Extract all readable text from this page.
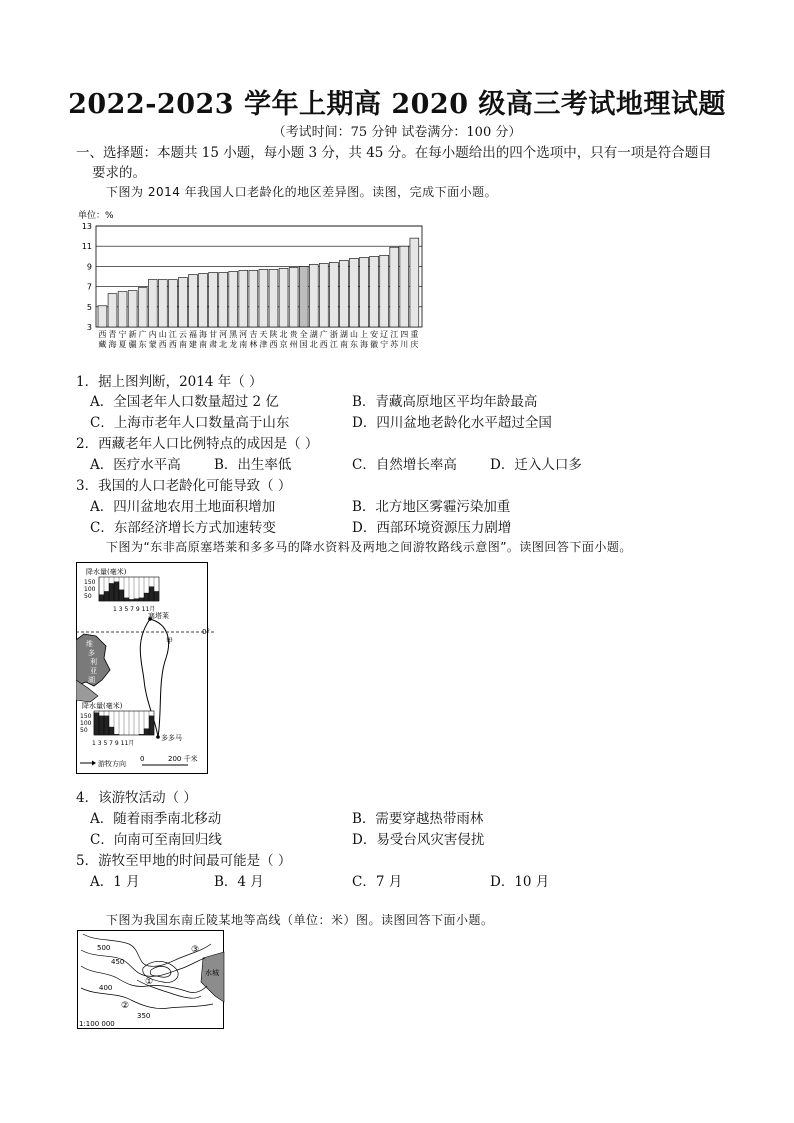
2022-2023 学年上期高 2020 级高三考试地理试题
（考试时间：75 分钟 试卷满分：100 分）
一、选择题：本题共 15 小题，每小题 3 分，共 45 分。在每小题给出的四个选项中，只有一项是符合题目
要求的。
下图为 2014 年我国人口老龄化的地区差异图。读图，完成下面小题。
单位：%
3
5
7
9
11
13
西
藏
青
海
宁
夏
新
疆
广
东
内
蒙
山
西
江
西
云
南
福
建
海
南
甘
肃
河
北
黑
龙
河
南
吉
林
天
津
陕
西
北
京
贵
州
全
国
湖
北
广
西
浙
江
湖
南
山
东
上
海
安
徽
辽
宁
江
苏
四
川
重
庆
1．据上图判断，2014 年（ ）
A．全国老年人口数量超过 2 亿	B．青藏高原地区平均年龄最高
C．上海市老年人口数量高于山东	D．四川盆地老龄化水平超过全国
2．西藏老年人口比例特点的成因是（ ）
A．医疗水平高 B．出生率低	C．自然增长率高 D．迁入人口多
3．我国的人口老龄化可能导致（ ）
A．四川盆地农用土地面积增加	B．北方地区雾霾污染加重
C．东部经济增长方式加速转变	D．西部环境资源压力剧增
下图为“东非高原塞塔莱和多多马的降水资料及两地之间游牧路线示意图”。读图回答下面小题。
0°
降水量(毫米)
150
100
50
1 3 5 7 9 11月
维
多
利
亚
湖
塞塔莱
多多马
甲
降水量(毫米)
150
100
50
1 3 5 7 9 11月
游牧方向
0	200 千米
4．该游牧活动（ ）
A．随着雨季南北移动	B．需要穿越热带雨林
C．向南可至南回归线	D．易受台风灾害侵扰
5．游牧至甲地的时间最可能是（ ）
A．1 月	B．4 月	C．7 月	D．10 月
下图为我国东南丘陵某地等高线（单位：米）图。读图回答下面小题。
水城
500
450
400
350
①
②
③
1:100 000
